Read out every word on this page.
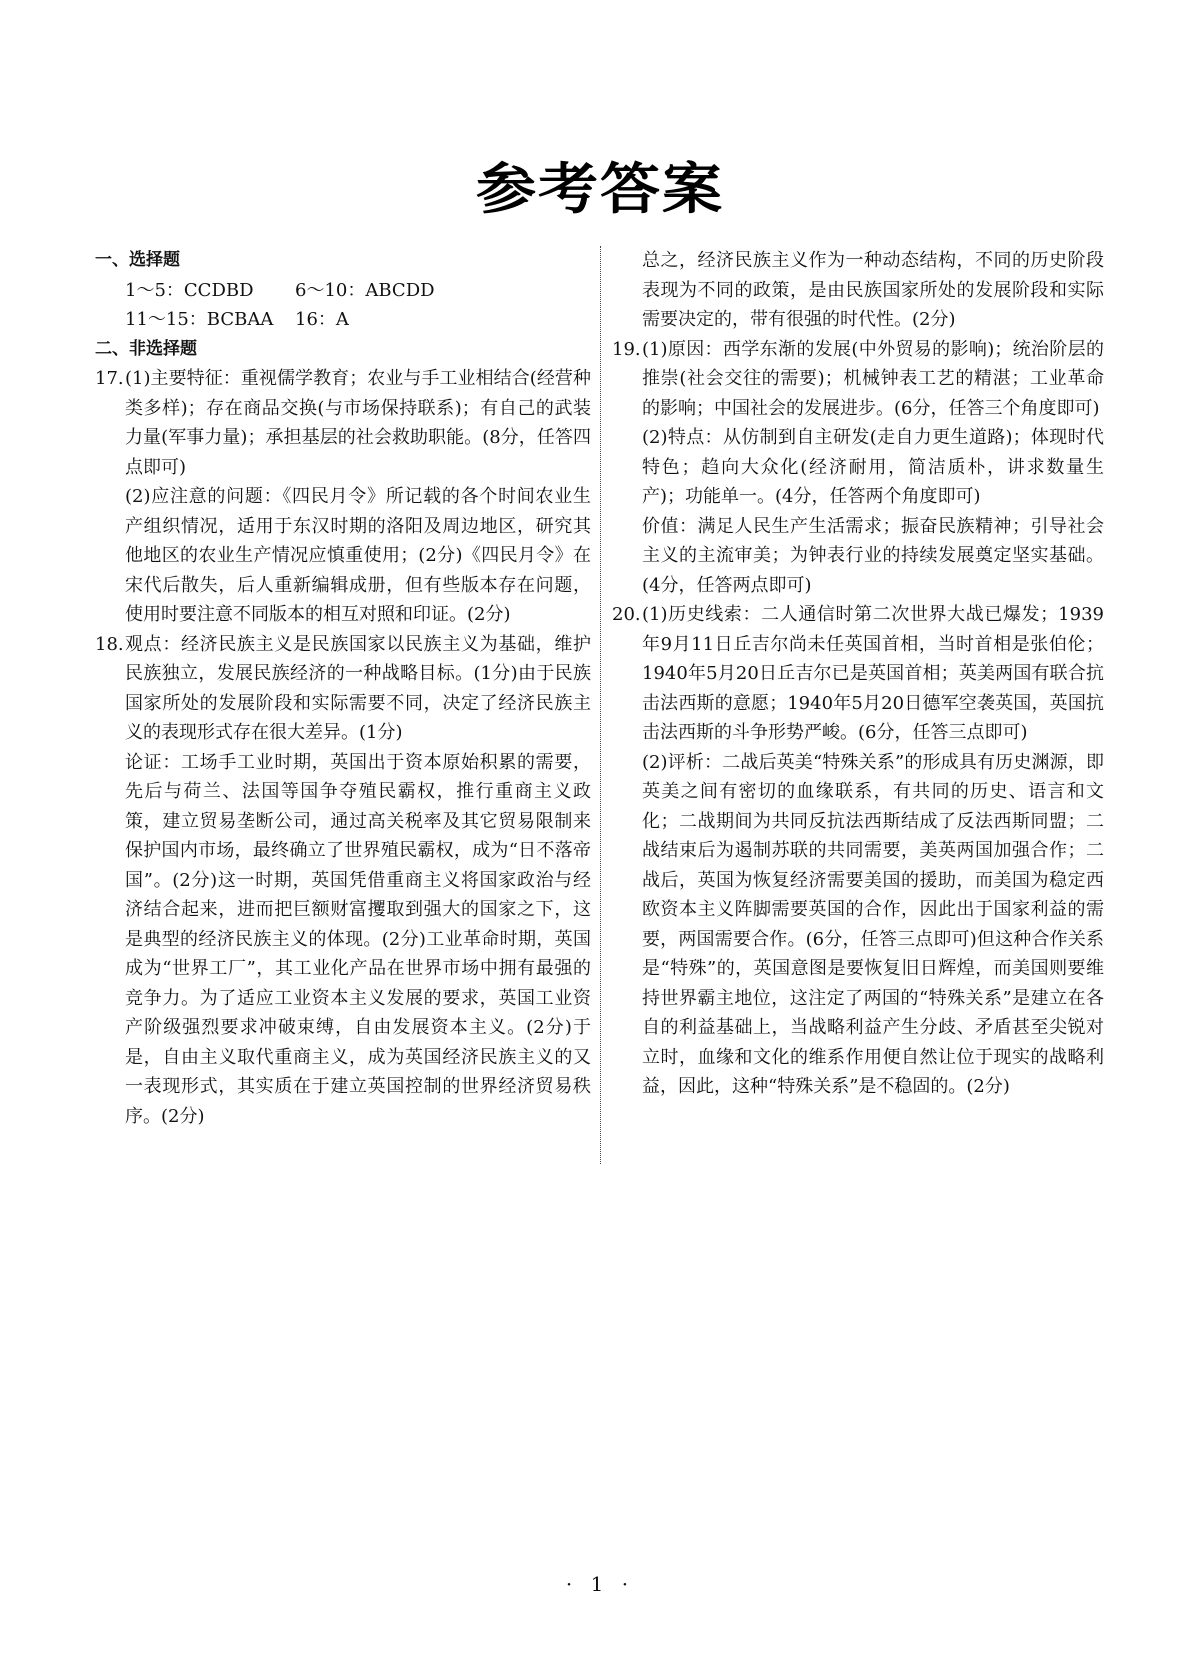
参考答案
一、选择题
1～5：CCDBD 6～10：ABCDD
11～15：BCBAA 16：A
二、非选择题
17. (1)主要特征：重视儒学教育；农业与手工业相结合(经营种类多样)；存在商品交换(与市场保持联系)；有自己的武装力量(军事力量)；承担基层的社会救助职能。(8分，任答四点即可)

(2)应注意的问题：《四民月令》所记载的各个时间农业生产组织情况，适用于东汉时期的洛阳及周边地区，研究其他地区的农业生产情况应慎重使用；(2分)《四民月令》在宋代后散失，后人重新编辑成册，但有些版本存在问题，使用时要注意不同版本的相互对照和印证。(2分)

18. 观点：经济民族主义是民族国家以民族主义为基础，维护民族独立，发展民族经济的一种战略目标。(1分)由于民族国家所处的发展阶段和实际需要不同，决定了经济民族主义的表现形式存在很大差异。(1分)

论证：工场手工业时期，英国出于资本原始积累的需要，先后与荷兰、法国等国争夺殖民霸权，推行重商主义政策，建立贸易垄断公司，通过高关税率及其它贸易限制来保护国内市场，最终确立了世界殖民霸权，成为“日不落帝国”。(2分)这一时期，英国凭借重商主义将国家政治与经济结合起来，进而把巨额财富攫取到强大的国家之下，这是典型的经济民族主义的体现。(2分)工业革命时期，英国成为“世界工厂”，其工业化产品在世界市场中拥有最强的竞争力。为了适应工业资本主义发展的要求，英国工业资产阶级强烈要求冲破束缚，自由发展资本主义。(2分)于是，自由主义取代重商主义，成为英国经济民族主义的又一表现形式，其实质在于建立英国控制的世界经济贸易秩序。(2分)

总之，经济民族主义作为一种动态结构，不同的历史阶段表现为不同的政策，是由民族国家所处的发展阶段和实际需要决定的，带有很强的时代性。(2分)

19. (1)原因：西学东渐的发展(中外贸易的影响)；统治阶层的推崇(社会交往的需要)；机械钟表工艺的精湛；工业革命的影响；中国社会的发展进步。(6分，任答三个角度即可)

(2)特点：从仿制到自主研发(走自力更生道路)；体现时代特色；趋向大众化(经济耐用，简洁质朴，讲求数量生产)；功能单一。(4分，任答两个角度即可)

价值：满足人民生产生活需求；振奋民族精神；引导社会主义的主流审美；为钟表行业的持续发展奠定坚实基础。(4分，任答两点即可)

20. (1)历史线索：二人通信时第二次世界大战已爆发；1939年9月11日丘吉尔尚未任英国首相，当时首相是张伯伦；1940年5月20日丘吉尔已是英国首相；英美两国有联合抗击法西斯的意愿；1940年5月20日德军空袭英国，英国抗击法西斯的斗争形势严峻。(6分，任答三点即可)

(2)评析：二战后英美“特殊关系”的形成具有历史渊源，即英美之间有密切的血缘联系，有共同的历史、语言和文化；二战期间为共同反抗法西斯结成了反法西斯同盟；二战结束后为遏制苏联的共同需要，美英两国加强合作；二战后，英国为恢复经济需要美国的援助，而美国为稳定西欧资本主义阵脚需要英国的合作，因此出于国家利益的需要，两国需要合作。(6分，任答三点即可)但这种合作关系是“特殊”的，英国意图是要恢复旧日辉煌，而美国则要维持世界霸主地位，这注定了两国的“特殊关系”是建立在各自的利益基础上，当战略利益产生分歧、矛盾甚至尖锐对立时，血缘和文化的维系作用便自然让位于现实的战略利益，因此，这种“特殊关系”是不稳固的。(2分)

· 1 ·
